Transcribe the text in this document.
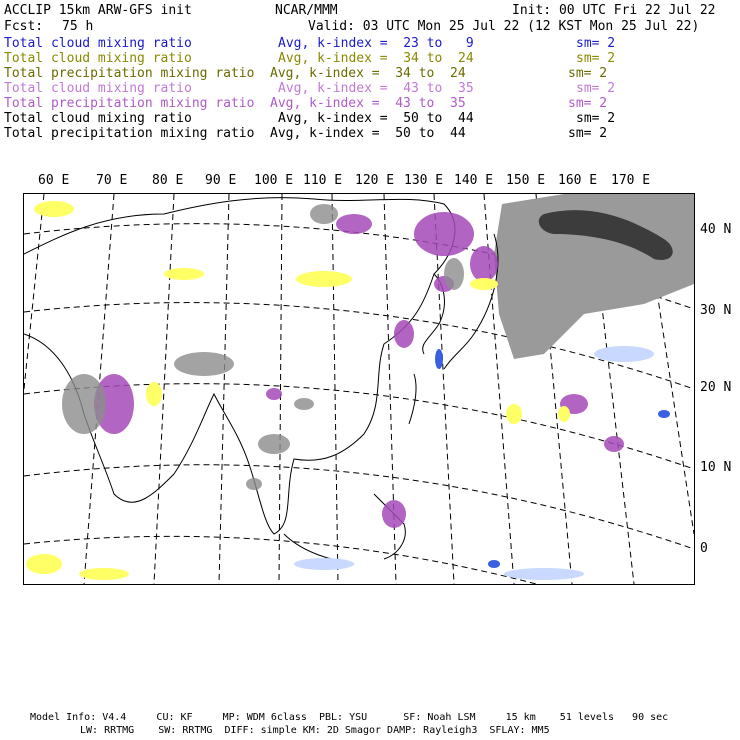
ACCLIP 15km ARW-GFS init	NCAR/MMM	Init: 00 UTC Fri 22 Jul 22
Fcst: 75 h	Valid: 03 UTC Mon 25 Jul 22 (12 KST Mon 25 Jul 22)
Total cloud mixing ratio	Avg, k-index =  23 to   9	sm= 2
Total cloud mixing ratio	Avg, k-index =  34 to  24	sm= 2
Total precipitation mixing ratio Avg, k-index =  34 to  24	sm= 2
Total cloud mixing ratio	Avg, k-index =  43 to  35	sm= 2
Total precipitation mixing ratio Avg, k-index =  43 to  35	sm= 2
Total cloud mixing ratio	Avg, k-index =  50 to  44	sm= 2
Total precipitation mixing ratio Avg, k-index =  50 to  44	sm= 2
60 E 70 E 80 E 90 E 100 E 110 E 120 E 130 E 140 E 150 E 160 E 170 E
40 N
30 N
20 N
10 N
0
Model Info: V4.4     CU: KF     MP: WDM 6class  PBL: YSU      SF: Noah LSM     15 km    51 levels   90 sec
LW: RRTMG    SW: RRTMG  DIFF: simple KM: 2D Smagor DAMP: Rayleigh3  SFLAY: MM5
